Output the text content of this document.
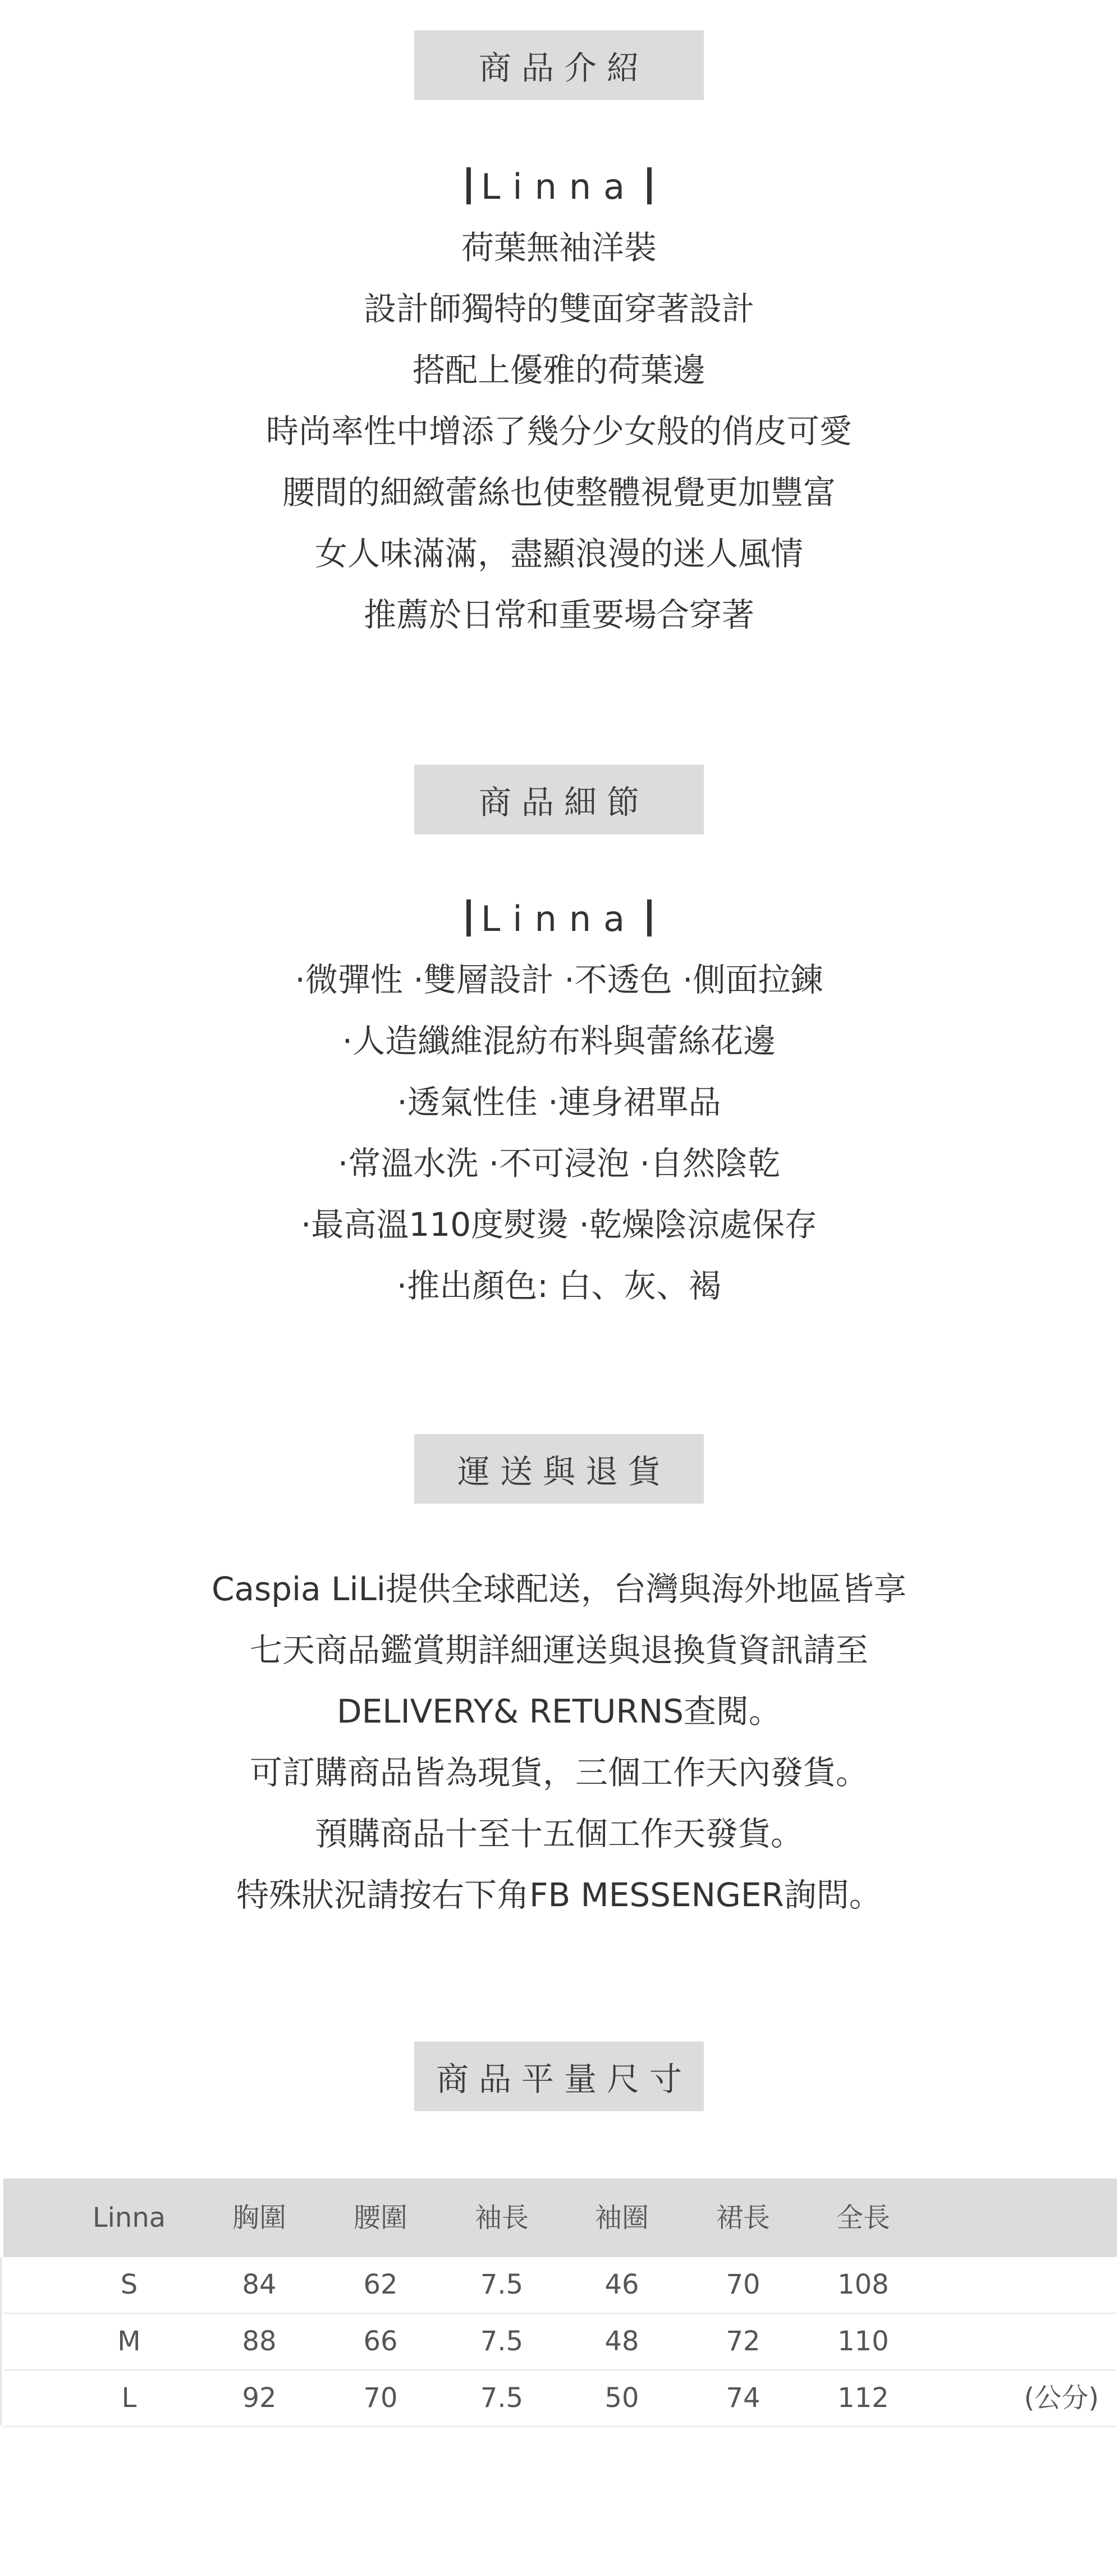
商品介紹
Linna
荷葉無袖洋裝
設計師獨特的雙面穿著設計
搭配上優雅的荷葉邊
時尚率性中增添了幾分少女般的俏皮可愛
腰間的細緻蕾絲也使整體視覺更加豐富
女人味滿滿，盡顯浪漫的迷人風情
推薦於日常和重要場合穿著
商品細節
Linna
·微彈性 ·雙層設計 ·不透色 ·側面拉鍊
·人造纖維混紡布料與蕾絲花邊
·透氣性佳 ·連身裙單品
·常溫水洗 ·不可浸泡 ·自然陰乾
·最高溫110度熨燙 ·乾燥陰涼處保存
·推出顏色: 白、灰、褐
運送與退貨
Caspia LiLi提供全球配送，台灣與海外地區皆享
七天商品鑑賞期詳細運送與退換貨資訊請至
DELIVERY& RETURNS查閱。
可訂購商品皆為現貨，三個工作天內發貨。
預購商品十至十五個工作天發貨。
特殊狀況請按右下角FB MESSENGER詢問。
商品平量尺寸
Linna	胸圍	腰圍	袖長	袖圈	裙長	全長
S	84	62	7.5	46	70	108
M	88	66	7.5	48	72	110
L	92	70	7.5	50	74	112	(公分)
